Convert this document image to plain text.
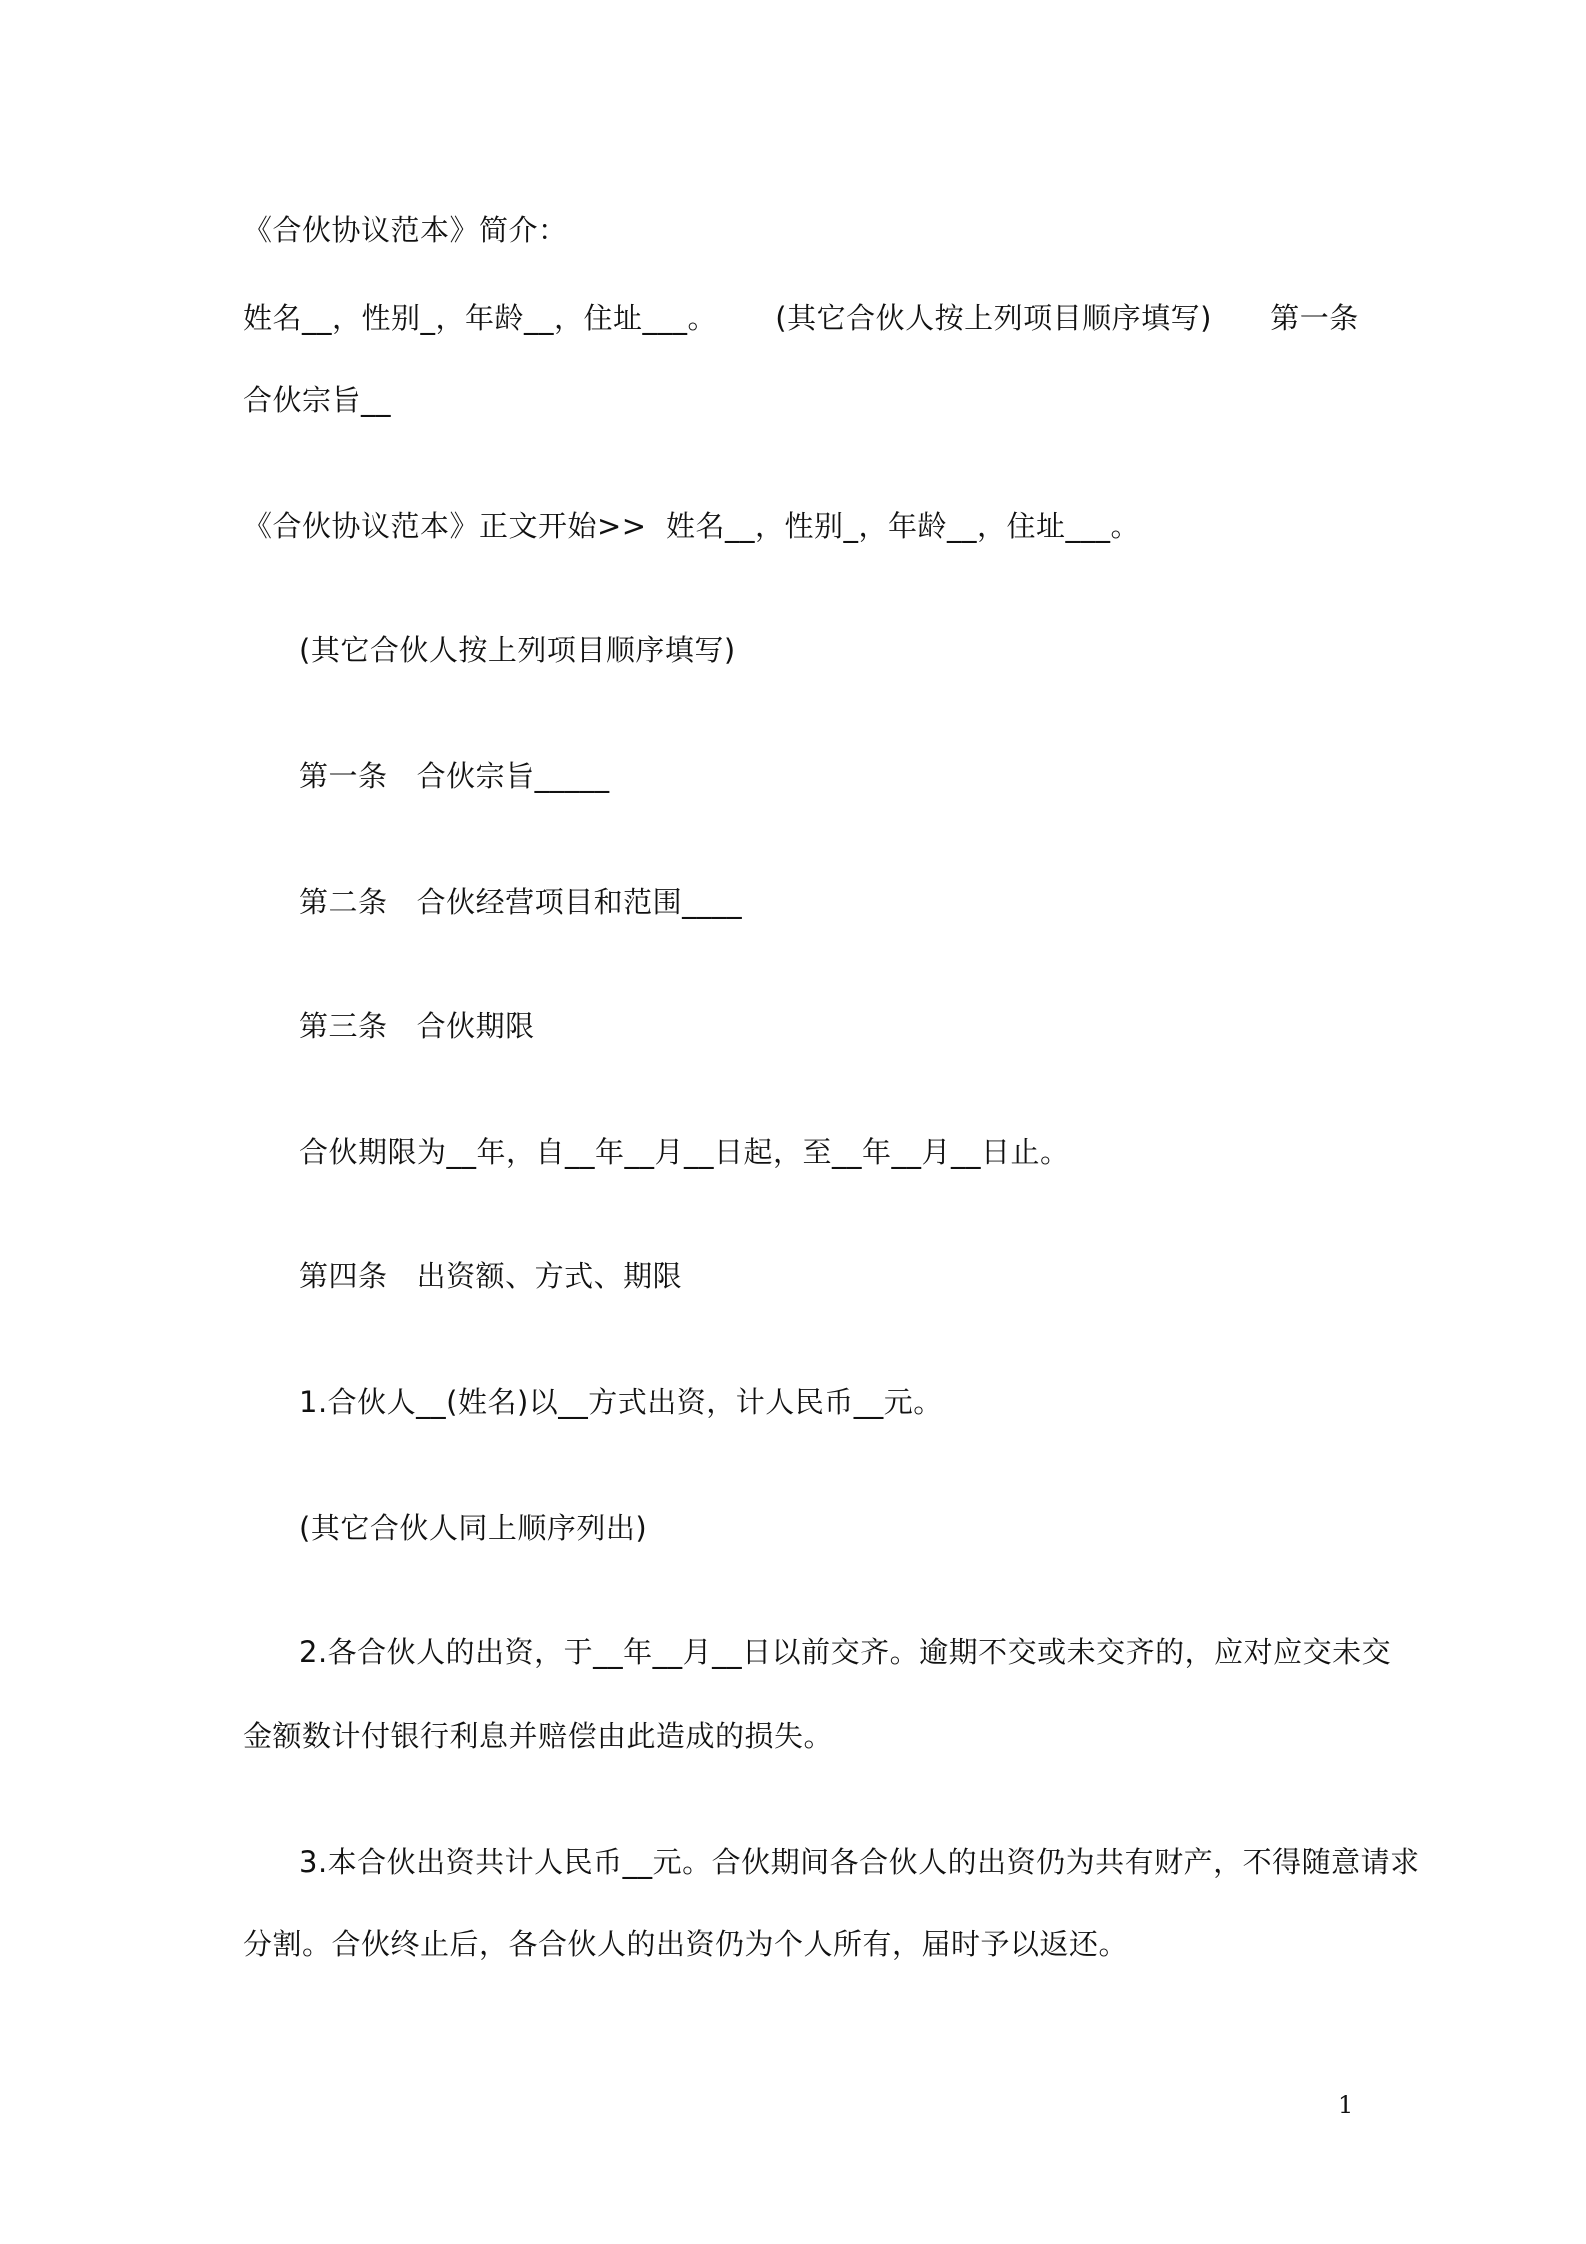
《合伙协议范本》简介：
姓名__，性别_，年龄__，住址___。      (其它合伙人按上列项目顺序填写)      第一条
合伙宗旨__
《合伙协议范本》正文开始>>  姓名__，性别_，年龄__，住址___。
(其它合伙人按上列项目顺序填写)
第一条   合伙宗旨_____
第二条   合伙经营项目和范围____
第三条   合伙期限
合伙期限为__年，自__年__月__日起，至__年__月__日止。
第四条   出资额、方式、期限
1.合伙人__(姓名)以__方式出资，计人民币__元。
(其它合伙人同上顺序列出)
2.各合伙人的出资，于__年__月__日以前交齐。逾期不交或未交齐的，应对应交未交
金额数计付银行利息并赔偿由此造成的损失。
3.本合伙出资共计人民币__元。合伙期间各合伙人的出资仍为共有财产，不得随意请求
分割。合伙终止后，各合伙人的出资仍为个人所有，届时予以返还。
1
